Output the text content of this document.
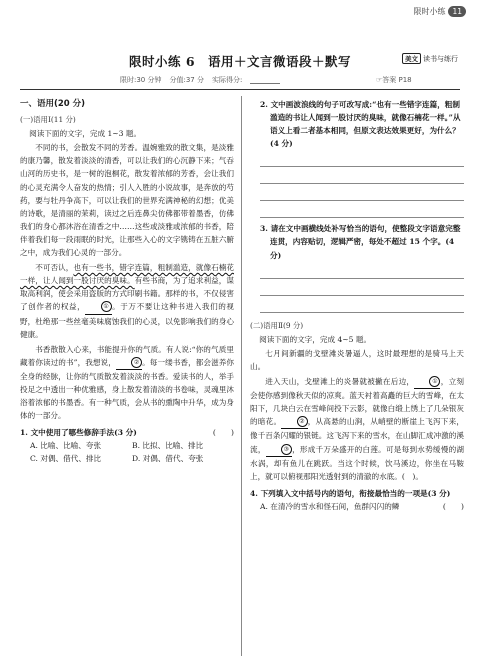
限时小练 11
限时小练 6　语用＋文言微语段＋默写	美文 读书与练行
限时:30 分钟 分值:37 分 实际得分:	☞答案 P18
一、语用(20 分)
(一)语用Ⅰ(11 分)

阅读下面的文字，完成 1~3 题。

不同的书，会散发不同的芳香。温婉雅致的散文集，是淡雅的康乃馨，散发着淡淡的清香，可以让我们的心沉静下来；气吞山河的历史书，是一树的泡桐花，散发着浓郁的芳香，会让我们的心灵充满令人奋发的热情；引人入胜的小说故事，是奔放的芍药，要与牡丹争高下，可以让我们的世界充满神秘的幻想；优美的诗歌，是清丽的茉莉，读过之后连鼻尖仿佛都带着墨香，仿佛我们的身心都沐浴在清香之中……这些或淡雅或浓郁的书香，陪伴着我们每一段雨眠的时光，让那些入心的文字镌铸在五脏六腑之中，成为我们心灵的一部分。

不可否认，也有一些书，错字连篇，粗制滥造，就像石楠花一样，让人闻到一股讨厌的臭味。有些书商，为了追求利益，谋取高利润，使会采用盗版的方式印刷书籍。那样的书，不仅侵害了创作者的权益，	① 。于万不要让这种书进入我们的视野，杜绝那一些丝毫美味腐蚀我们的心灵，以免影响我们的身心健康。

书香散散入心来，书能提升你的气质。有人说:“你的气质里藏着你读过的书”，我想说，	② 。每一缕书香，都会滋养你全身的经脉，让你的气质散发着淡淡的书香。爱读书的人，举手投足之中透出一种优雅感，身上散发着清淡的书卷味，灵魂里沐浴着浓郁的书墨香。有一种气质，会从书的熏陶中升华，成为身体的一部分。

1. 文中使用了哪些修辞手法(3 分)	(　　)
A. 比喻、比喻、夸张	B. 比拟、比喻、排比
C. 对偶、借代、排比	D. 对偶、借代、夸张
2. 文中画波浪线的句子可改写成:“也有一些错字连篇，粗制滥造的书让人闻到一股讨厌的臭味，就像石楠花一样。”从语义上看二者基本相同，但原文表达效果更好，为什么？(4 分)
3. 请在文中画横线处补写恰当的语句，使整段文字语意完整连贯，内容贴切，逻辑严密，每处不超过 15 个字。(4 分)
(二)语用Ⅱ(9 分)

阅读下面的文字，完成 4~5 题。

七月间新疆的戈壁滩炎暑逼人，这时最理想的是骑马上天山。

进入天山，戈壁滩上的炎暑就被撇在后边，	① ，立刻会使你感到像秋天似的凉爽。蓝天衬着高矗的巨大的雪峰，在太阳下，几块白云在雪峰间投下云影，就像白缎上绣上了几朵银灰的暗花。	② ，从高悬的山涧，从峭壁的断崖上飞泻下来，像千百条闪耀的银链。这飞泻下来的雪水，在山脚汇成冲激的溪流，	③ ，形成千万朵盛开的白莲。可是每到水势缓慢的湖水涡，却有鱼儿在跳跃。当这个时候，饮马溪边，你坐在马鞍上，就可以俯视那阳光透射到的清澈的水底。(　)。

4. 下列填入文中括号内的语句，衔接最恰当的一项是(3 分)
(　　)
A. 在清冷的雪水和怪石间，鱼群闪闪的鳞
